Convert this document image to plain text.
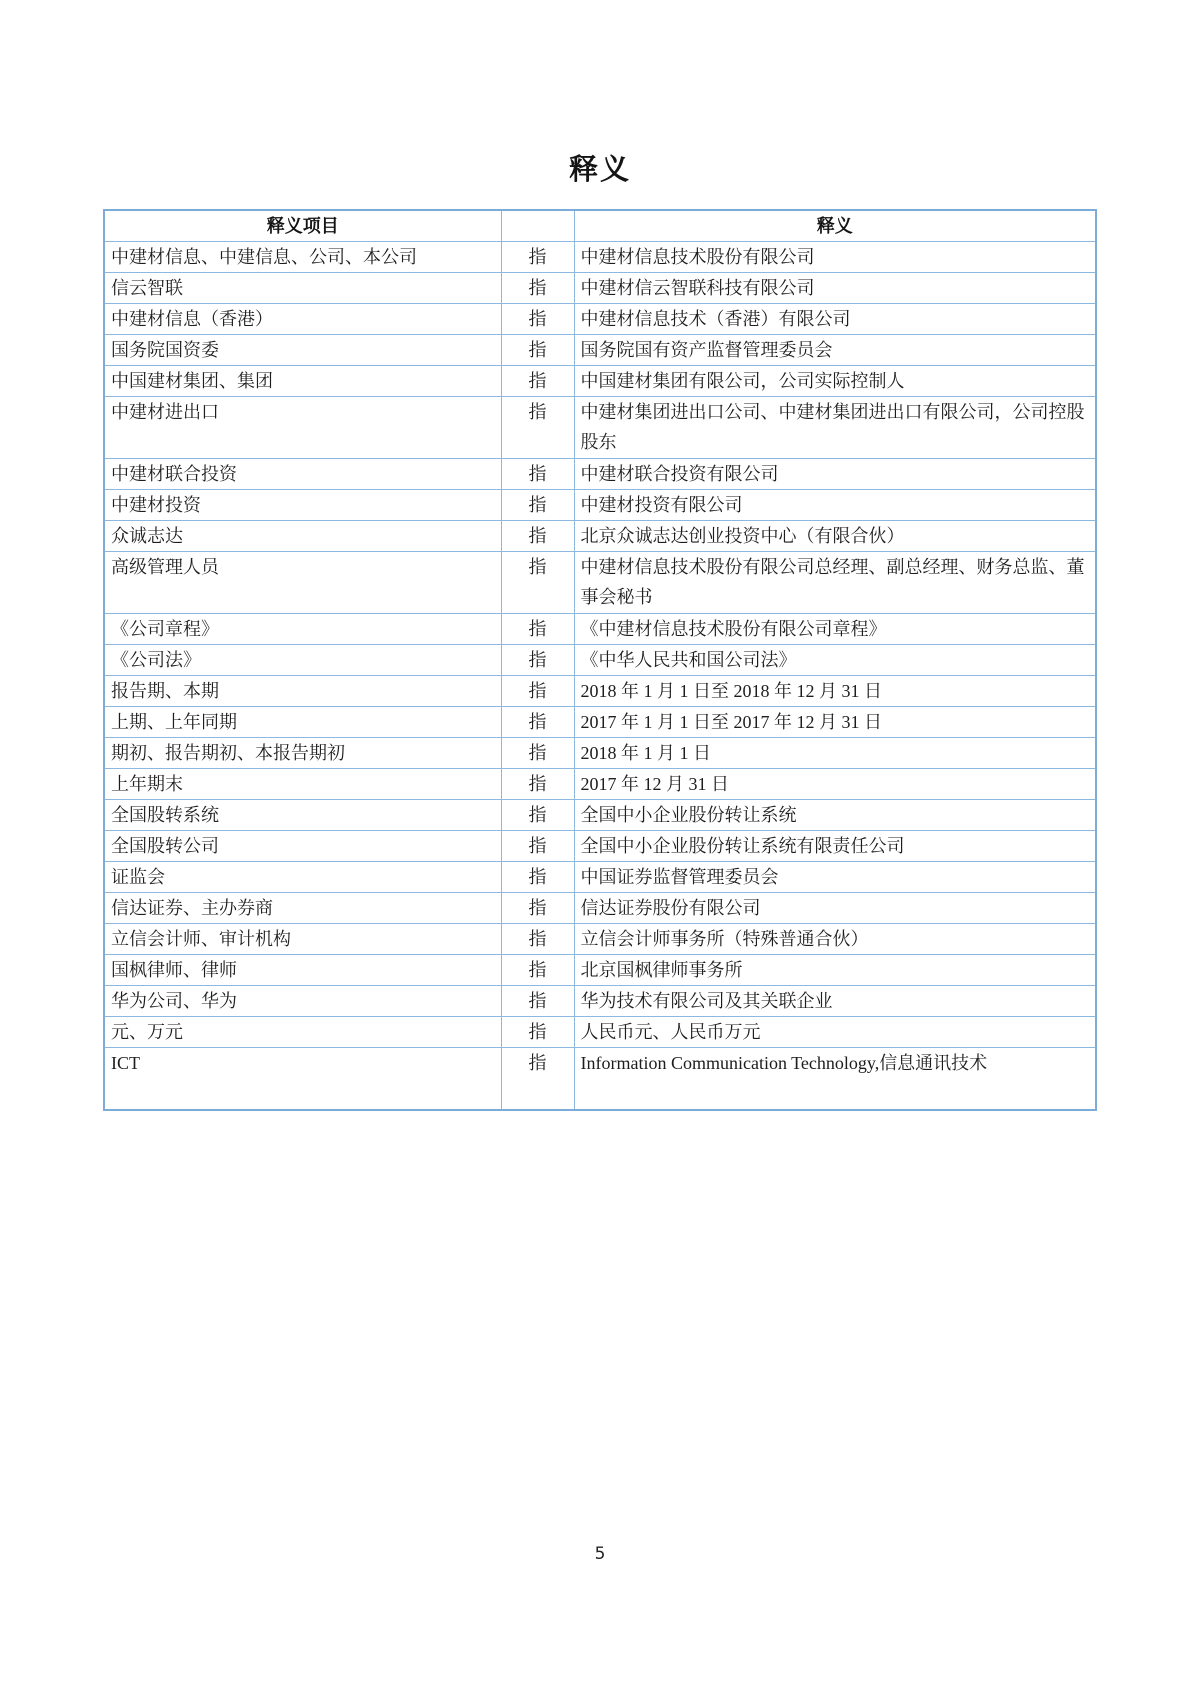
释义
释义项目		释义
中建材信息、中建信息、公司、本公司	指	中建材信息技术股份有限公司
信云智联	指	中建材信云智联科技有限公司
中建材信息（香港）	指	中建材信息技术（香港）有限公司
国务院国资委	指	国务院国有资产监督管理委员会
中国建材集团、集团	指	中国建材集团有限公司，公司实际控制人
中建材进出口	指	中建材集团进出口公司、中建材集团进出口有限公司，公司控股股东
中建材联合投资	指	中建材联合投资有限公司
中建材投资	指	中建材投资有限公司
众诚志达	指	北京众诚志达创业投资中心（有限合伙）
高级管理人员	指	中建材信息技术股份有限公司总经理、副总经理、财务总监、董事会秘书
《公司章程》	指	《中建材信息技术股份有限公司章程》
《公司法》	指	《中华人民共和国公司法》
报告期、本期	指	2018 年 1 月 1 日至 2018 年 12 月 31 日
上期、上年同期	指	2017 年 1 月 1 日至 2017 年 12 月 31 日
期初、报告期初、本报告期初	指	2018 年 1 月 1 日
上年期末	指	2017 年 12 月 31 日
全国股转系统	指	全国中小企业股份转让系统
全国股转公司	指	全国中小企业股份转让系统有限责任公司
证监会	指	中国证券监督管理委员会
信达证券、主办券商	指	信达证券股份有限公司
立信会计师、审计机构	指	立信会计师事务所（特殊普通合伙）
国枫律师、律师	指	北京国枫律师事务所
华为公司、华为	指	华为技术有限公司及其关联企业
元、万元	指	人民币元、人民币万元
ICT	指	Information Communication Technology,信息通讯技术
5
